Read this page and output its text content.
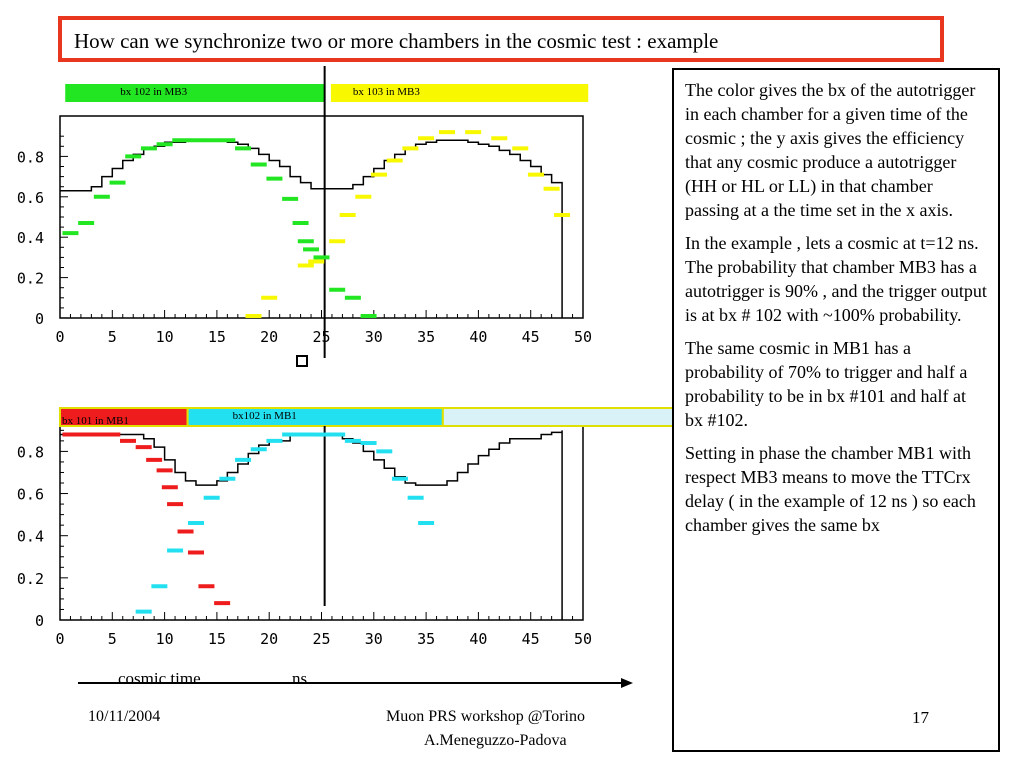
How can we synchronize two or more chambers in the cosmic test : example
bx 102 in MB3	bx 103 in MB3
0
0.2
0.4
0.6
0.8
0	5	10 15 20 25 30 35 40 45 50
bx 101 in MB1	bx102 in MB1
0
0.2
0.4
0.6
0.8
0	5	10 15 20 25 30 35 40 45 50
cosmic time	ns

The color gives the bx of the autotrigger in each chamber for a given time of the cosmic ; the y axis gives the efficiency that any cosmic produce a autotrigger (HH or HL or LL) in that chamber passing at a the time set in the x axis.

In the example , lets a cosmic at t=12 ns. The probability that chamber MB3 has a autotrigger is 90% , and the trigger output is at bx # 102 with ~100% probability.

The same cosmic in MB1 has a probability of 70% to trigger and half a probability to be in bx #101 and half at bx #102.

Setting in phase the chamber MB1 with respect MB3 means to move the TTCrx delay ( in the example of 12 ns ) so each chamber gives the same bx

10/11/2004	Muon PRS workshop @Torino
A.Meneguzzo-Padova
17
